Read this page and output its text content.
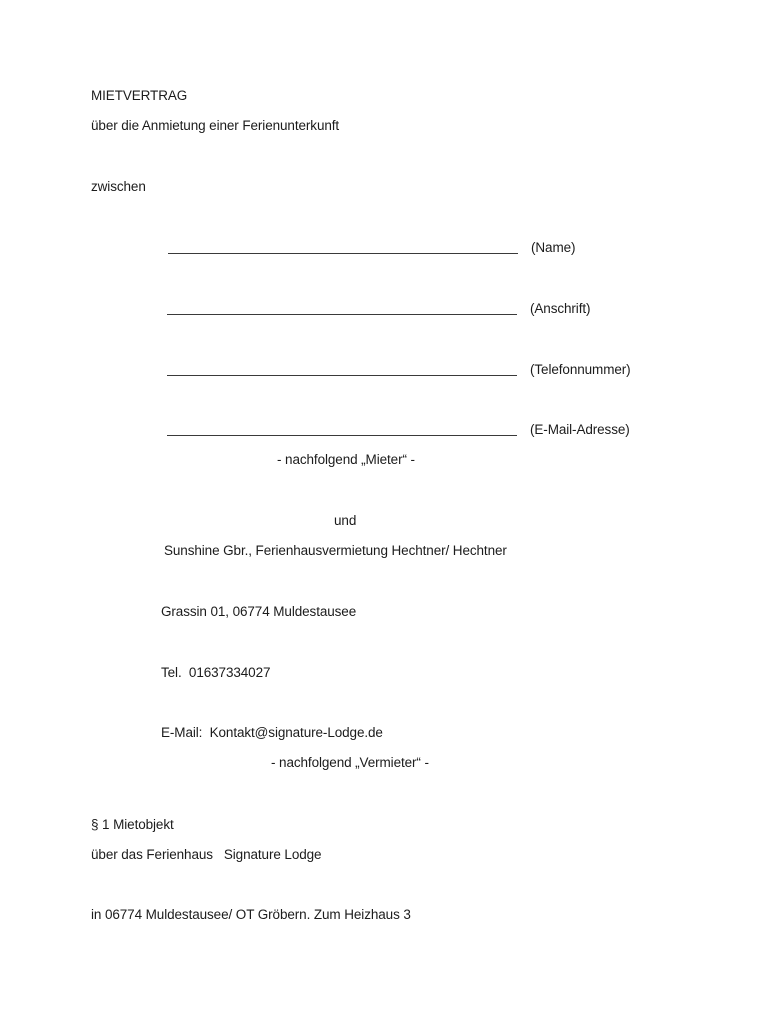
MIETVERTRAG
über die Anmietung einer Ferienunterkunft
zwischen
(Name)
(Anschrift)
(Telefonnummer)
(E-Mail-Adresse)
- nachfolgend „Mieter“ -
und
Sunshine Gbr., Ferienhausvermietung Hechtner/ Hechtner
Grassin 01, 06774 Muldestausee
Tel.  01637334027
E-Mail:  Kontakt@signature-Lodge.de
- nachfolgend „Vermieter“ -
§ 1 Mietobjekt
über das Ferienhaus   Signature Lodge
in 06774 Muldestausee/ OT Gröbern. Zum Heizhaus 3
